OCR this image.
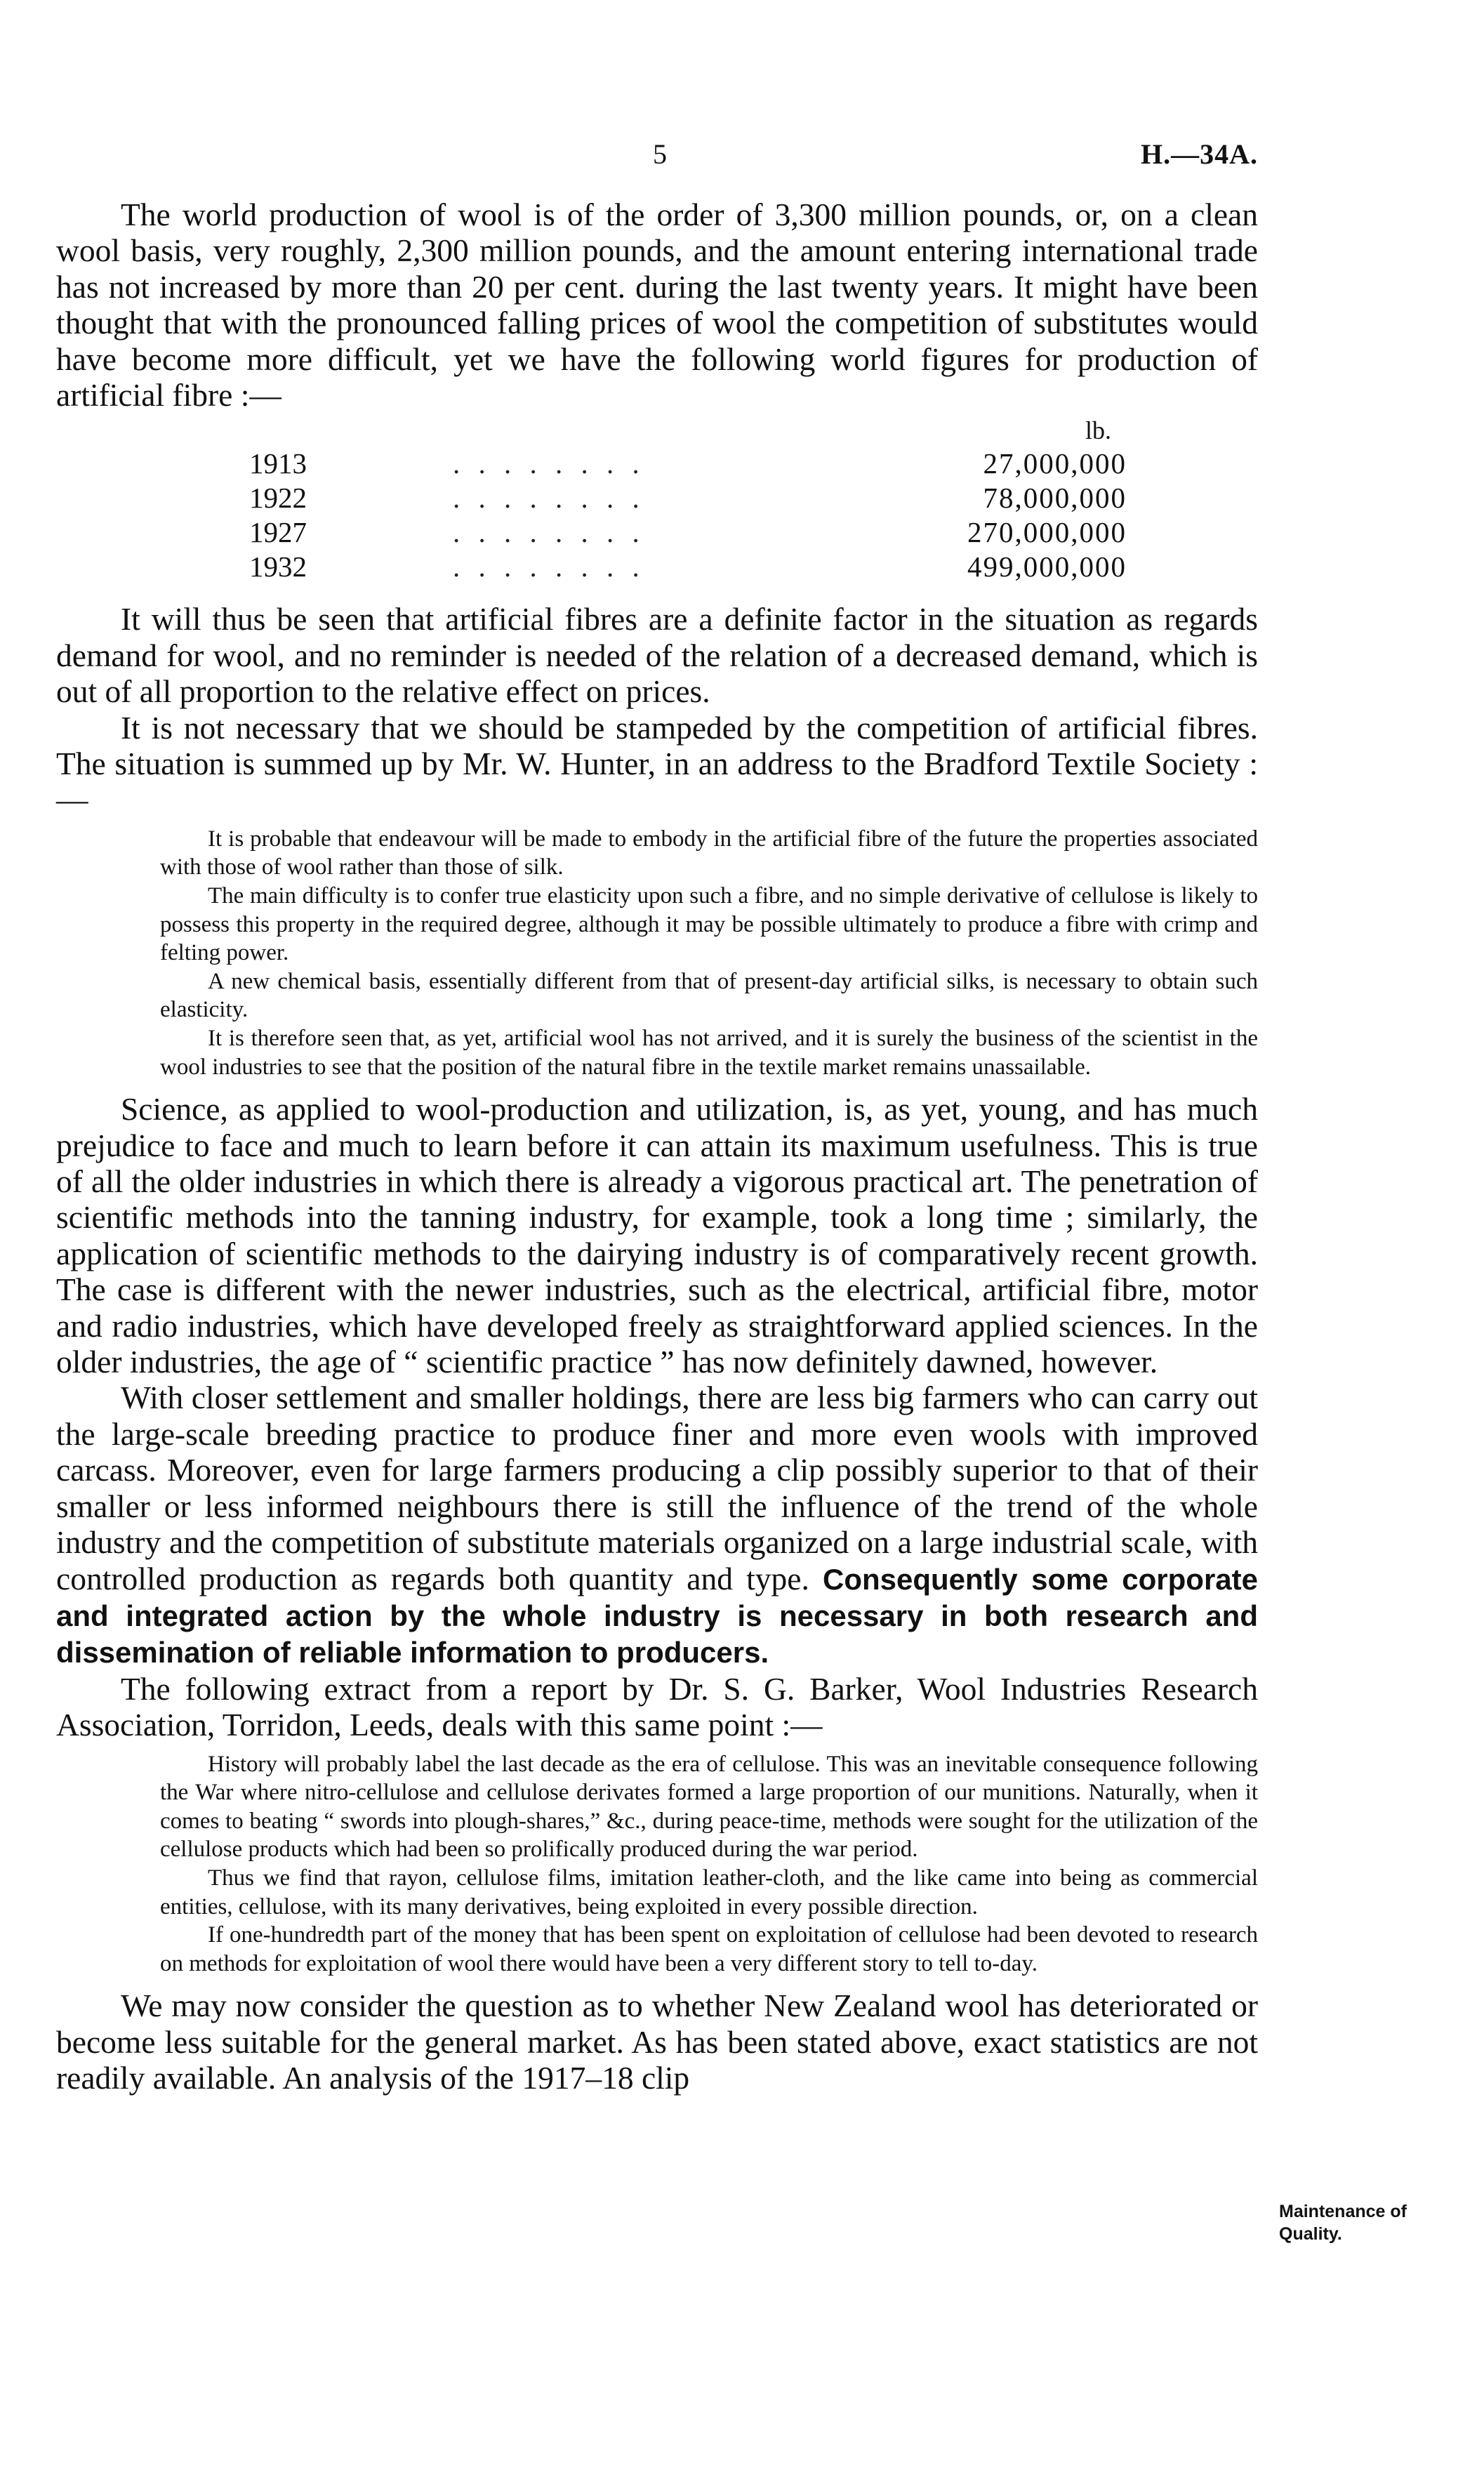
5	H.—34A.

The world production of wool is of the order of 3,300 million pounds, or, on a clean wool basis, very roughly, 2,300 million pounds, and the amount entering international trade has not increased by more than 20 per cent. during the last twenty years. It might have been thought that with the pronounced falling prices of wool the competition of substitutes would have become more difficult, yet we have the following world figures for production of artificial fibre :—

lb.
1913	. . . . . . . .	27,000,000
1922	. . . . . . . .	78,000,000
1927	. . . . . . . .	270,000,000
1932	. . . . . . . .	499,000,000

It will thus be seen that artificial fibres are a definite factor in the situation as regards demand for wool, and no reminder is needed of the relation of a decreased demand, which is out of all proportion to the relative effect on prices.

It is not necessary that we should be stampeded by the competition of artificial fibres. The situation is summed up by Mr. W. Hunter, in an address to the Bradford Textile Society :—

It is probable that endeavour will be made to embody in the artificial fibre of the future the properties associated with those of wool rather than those of silk.

The main difficulty is to confer true elasticity upon such a fibre, and no simple derivative of cellulose is likely to possess this property in the required degree, although it may be possible ultimately to produce a fibre with crimp and felting power.

A new chemical basis, essentially different from that of present-day artificial silks, is necessary to obtain such elasticity.

It is therefore seen that, as yet, artificial wool has not arrived, and it is surely the business of the scientist in the wool industries to see that the position of the natural fibre in the textile market remains unassailable.

Science, as applied to wool-production and utilization, is, as yet, young, and has much prejudice to face and much to learn before it can attain its maximum usefulness. This is true of all the older industries in which there is already a vigorous practical art. The penetration of scientific methods into the tanning industry, for example, took a long time ; similarly, the application of scientific methods to the dairying industry is of comparatively recent growth. The case is different with the newer industries, such as the electrical, artificial fibre, motor and radio industries, which have developed freely as straightforward applied sciences. In the older industries, the age of “ scientific practice ” has now definitely dawned, however.

With closer settlement and smaller holdings, there are less big farmers who can carry out the large-scale breeding practice to produce finer and more even wools with improved carcass. Moreover, even for large farmers producing a clip possibly superior to that of their smaller or less informed neighbours there is still the influence of the trend of the whole industry and the competition of substitute materials organized on a large industrial scale, with controlled production as regards both quantity and type. Consequently some corporate and integrated action by the whole industry is necessary in both research and dissemination of reliable information to producers.

The following extract from a report by Dr. S. G. Barker, Wool Industries Research Association, Torridon, Leeds, deals with this same point :—

History will probably label the last decade as the era of cellulose. This was an inevitable consequence following the War where nitro-cellulose and cellulose derivates formed a large proportion of our munitions. Naturally, when it comes to beating “ swords into plough-shares,” &c., during peace-time, methods were sought for the utilization of the cellulose products which had been so prolifically produced during the war period.

Thus we find that rayon, cellulose films, imitation leather-cloth, and the like came into being as commercial entities, cellulose, with its many derivatives, being exploited in every possible direction.

If one-hundredth part of the money that has been spent on exploitation of cellulose had been devoted to research on methods for exploitation of wool there would have been a very different story to tell to-day.

We may now consider the question as to whether New Zealand wool has deteriorated or become less suitable for the general market. As has been stated above, exact statistics are not readily available. An analysis of the 1917–18 clip

Maintenance of
Quality.
